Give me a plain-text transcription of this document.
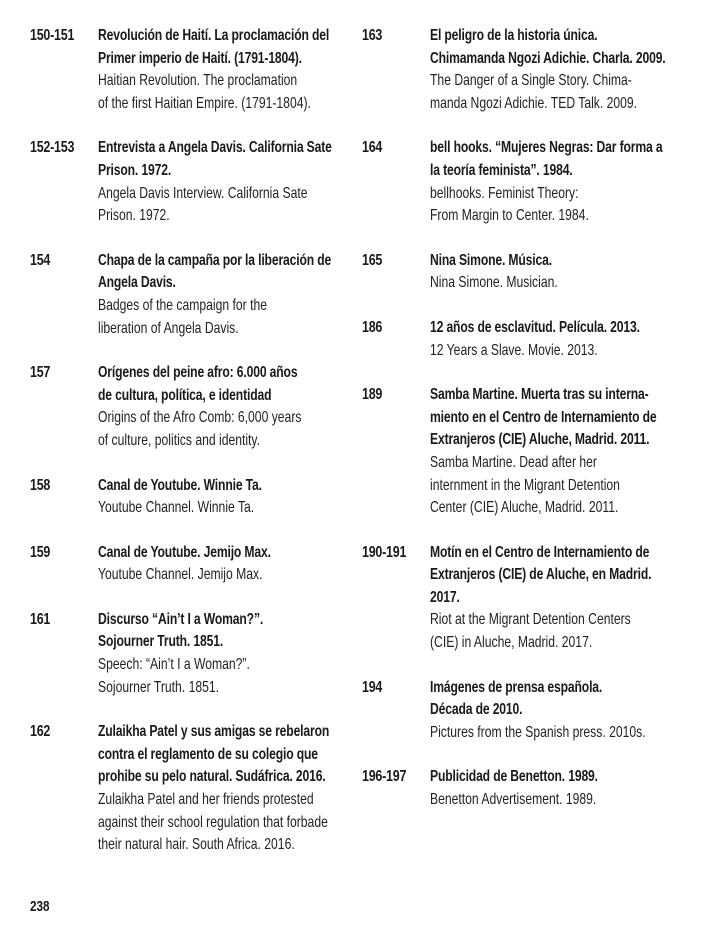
150-151 Revolución de Haití. La proclamación del
Primer imperio de Haití. (1791-1804).
Haitian Revolution. The proclamation
of the first Haitian Empire. (1791-1804).
152-153 Entrevista a Angela Davis. California Sate
Prison. 1972.
Angela Davis Interview. California Sate
Prison. 1972.
154	Chapa de la campaña por la liberación de
Angela Davis.
Badges of the campaign for the
liberation of Angela Davis.
157	Orígenes del peine afro: 6.000 años
de cultura, política, e identidad
Origins of the Afro Comb: 6,000 years
of culture, politics and identity.
158	Canal de Youtube. Winnie Ta.
Youtube Channel. Winnie Ta.
159	Canal de Youtube. Jemijo Max.
Youtube Channel. Jemijo Max.
161	Discurso “Ain’t I a Woman?”.
Sojourner Truth. 1851.
Speech: “Ain’t I a Woman?”.
Sojourner Truth. 1851.
162	Zulaikha Patel y sus amigas se rebelaron
contra el reglamento de su colegio que
prohibe su pelo natural. Sudáfrica. 2016.
Zulaikha Patel and her friends protested
against their school regulation that forbade
their natural hair. South Africa. 2016.
163	El peligro de la historia única.
Chimamanda Ngozi Adichie. Charla. 2009.
The Danger of a Single Story. Chima-
manda Ngozi Adichie. TED Talk. 2009.
164	bell hooks. “Mujeres Negras: Dar forma a
la teoría feminista”. 1984.
bellhooks. Feminist Theory:
From Margin to Center. 1984.
165	Nina Simone. Música.
Nina Simone. Musician.
186	12 años de esclavitud. Película. 2013.
12 Years a Slave. Movie. 2013.
189	Samba Martine. Muerta tras su interna-
miento en el Centro de Internamiento de
Extranjeros (CIE) Aluche, Madrid. 2011.
Samba Martine. Dead after her
internment in the Migrant Detention
Center (CIE) Aluche, Madrid. 2011.
190-191 Motín en el Centro de Internamiento de
Extranjeros (CIE) de Aluche, en Madrid.
2017.
Riot at the Migrant Detention Centers
(CIE) in Aluche, Madrid. 2017.
194	Imágenes de prensa española.
Década de 2010.
Pictures from the Spanish press. 2010s.
196-197 Publicidad de Benetton. 1989.
Benetton Advertisement. 1989.
238
